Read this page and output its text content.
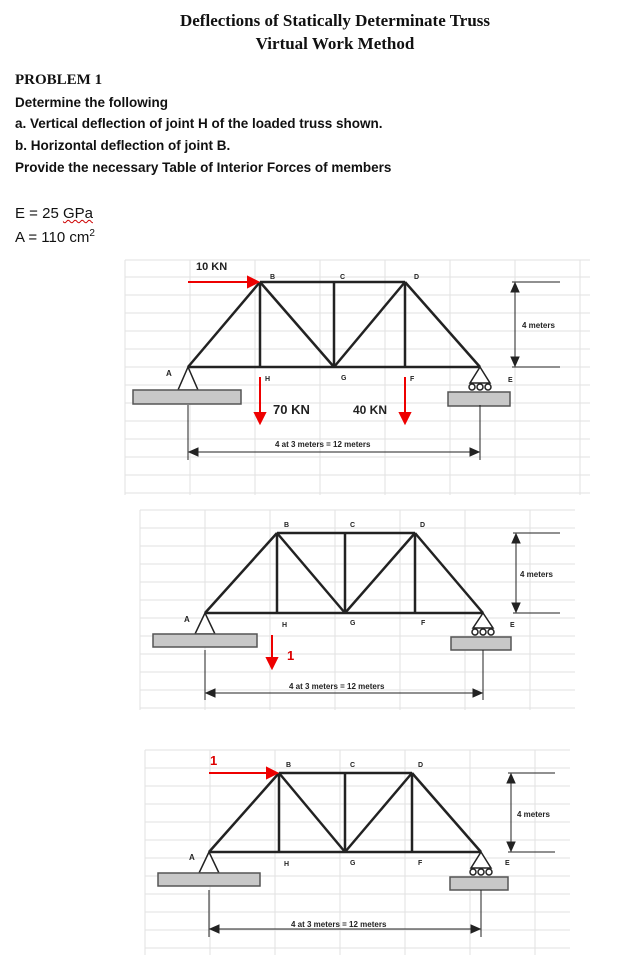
Deflections of Statically Determinate Truss
Virtual Work Method
PROBLEM 1
Determine the following
a. Vertical deflection of joint H of the loaded truss shown.
b. Horizontal deflection of joint B.
Provide the necessary Table of Interior Forces of members
E = 25 GPa
A = 110 $cm^2$
10 KN
70 KN	40 KN
4 at 3 meters = 12 meters
4 meters
A
B	C	D
E
F
G
H
1
4 at 3 meters = 12 meters
4 meters
A
B	C	D
E
F
G
H
1
4 at 3 meters = 12 meters
4 meters
A
B	C	D
E
F
G
H
